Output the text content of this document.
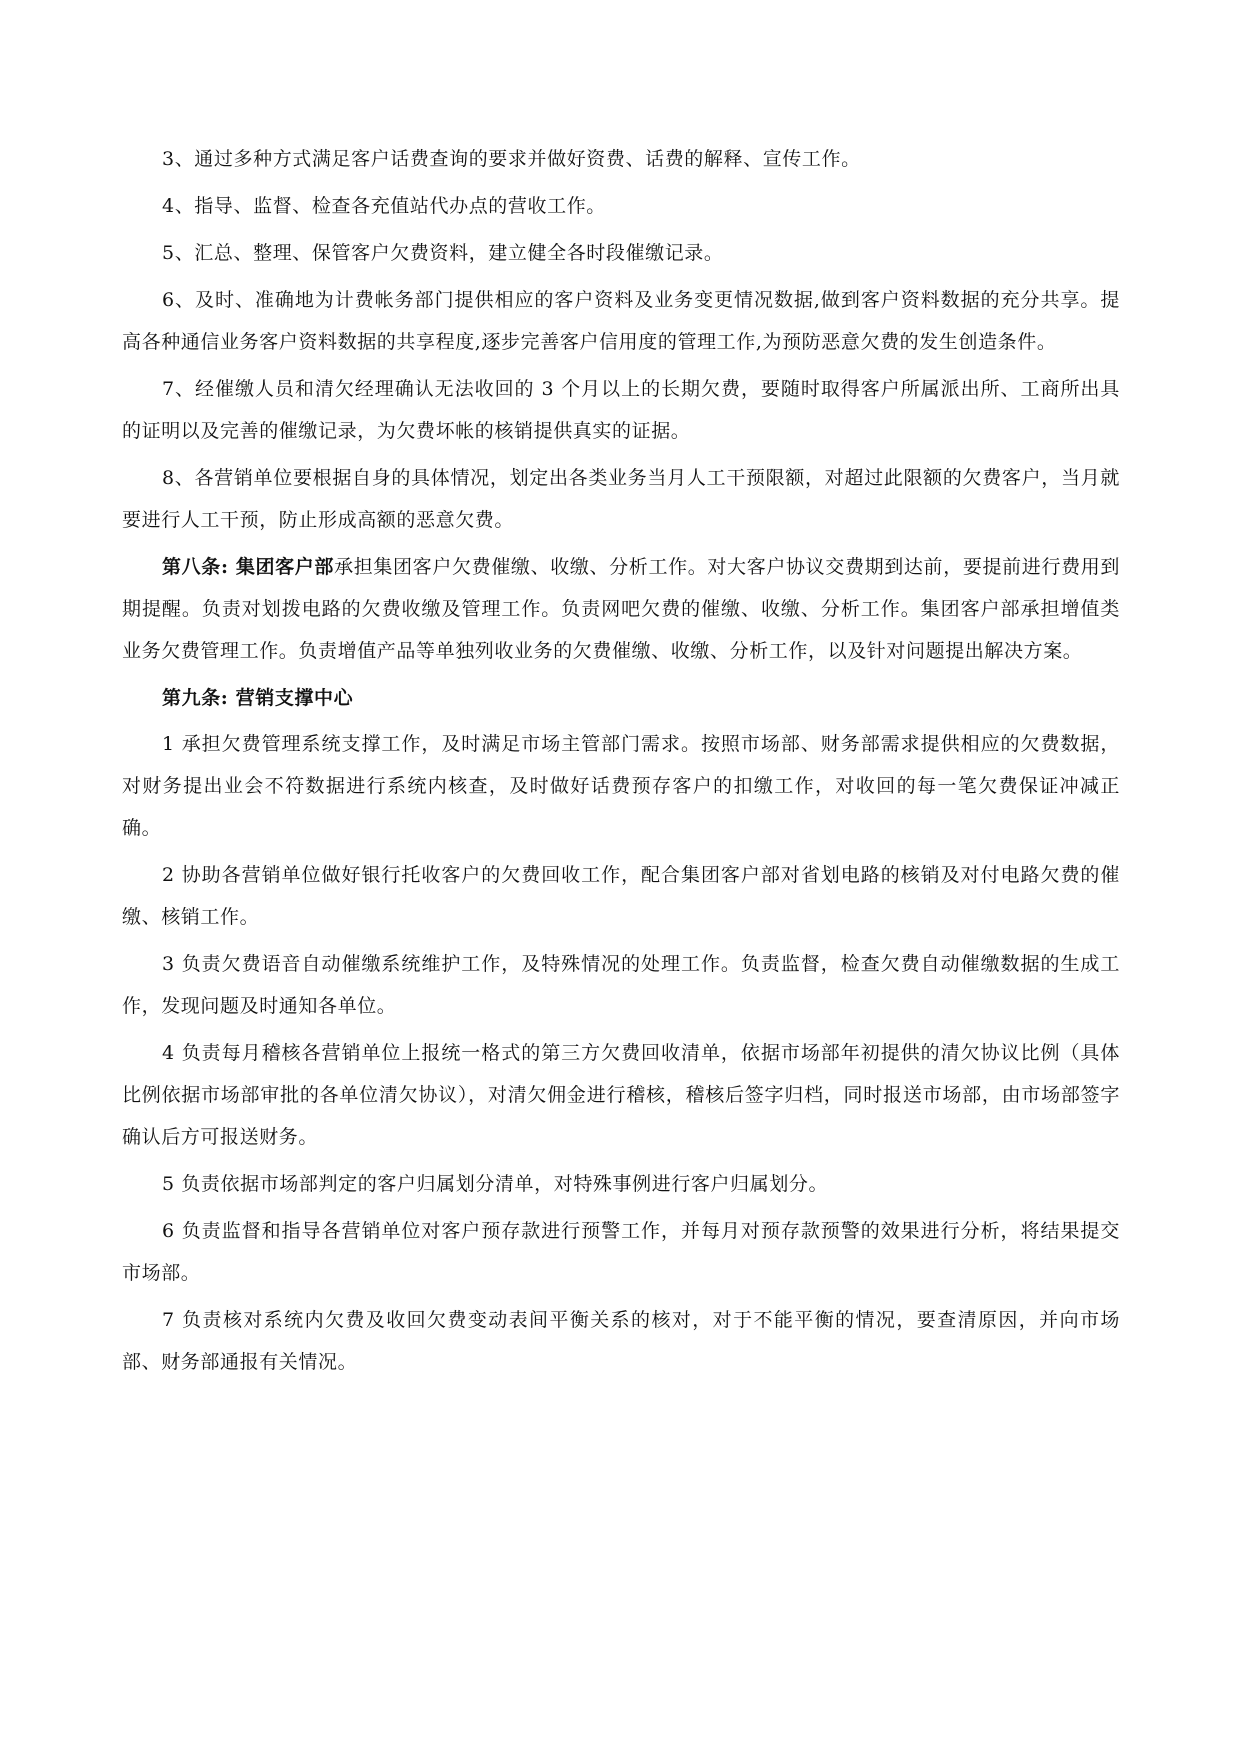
3、通过多种方式满足客户话费查询的要求并做好资费、话费的解释、宣传工作。

4、指导、监督、检查各充值站代办点的营收工作。

5、汇总、整理、保管客户欠费资料，建立健全各时段催缴记录。

6、及时、准确地为计费帐务部门提供相应的客户资料及业务变更情况数据,做到客户资料数据的充分共享。提高各种通信业务客户资料数据的共享程度,逐步完善客户信用度的管理工作,为预防恶意欠费的发生创造条件。

7、经催缴人员和清欠经理确认无法收回的 3 个月以上的长期欠费，要随时取得客户所属派出所、工商所出具的证明以及完善的催缴记录，为欠费坏帐的核销提供真实的证据。

8、各营销单位要根据自身的具体情况，划定出各类业务当月人工干预限额，对超过此限额的欠费客户，当月就要进行人工干预，防止形成高额的恶意欠费。

第八条: 集团客户部承担集团客户欠费催缴、收缴、分析工作。对大客户协议交费期到达前，要提前进行费用到期提醒。负责对划拨电路的欠费收缴及管理工作。负责网吧欠费的催缴、收缴、分析工作。集团客户部承担增值类业务欠费管理工作。负责增值产品等单独列收业务的欠费催缴、收缴、分析工作，以及针对问题提出解决方案。

第九条: 营销支撑中心

1 承担欠费管理系统支撑工作，及时满足市场主管部门需求。按照市场部、财务部需求提供相应的欠费数据，对财务提出业会不符数据进行系统内核查，及时做好话费预存客户的扣缴工作，对收回的每一笔欠费保证冲减正确。

2 协助各营销单位做好银行托收客户的欠费回收工作，配合集团客户部对省划电路的核销及对付电路欠费的催缴、核销工作。

3 负责欠费语音自动催缴系统维护工作，及特殊情况的处理工作。负责监督，检查欠费自动催缴数据的生成工作，发现问题及时通知各单位。

4 负责每月稽核各营销单位上报统一格式的第三方欠费回收清单，依据市场部年初提供的清欠协议比例（具体比例依据市场部审批的各单位清欠协议），对清欠佣金进行稽核，稽核后签字归档，同时报送市场部，由市场部签字确认后方可报送财务。

5 负责依据市场部判定的客户归属划分清单，对特殊事例进行客户归属划分。

6 负责监督和指导各营销单位对客户预存款进行预警工作，并每月对预存款预警的效果进行分析，将结果提交市场部。

7 负责核对系统内欠费及收回欠费变动表间平衡关系的核对，对于不能平衡的情况，要查清原因，并向市场部、财务部通报有关情况。
